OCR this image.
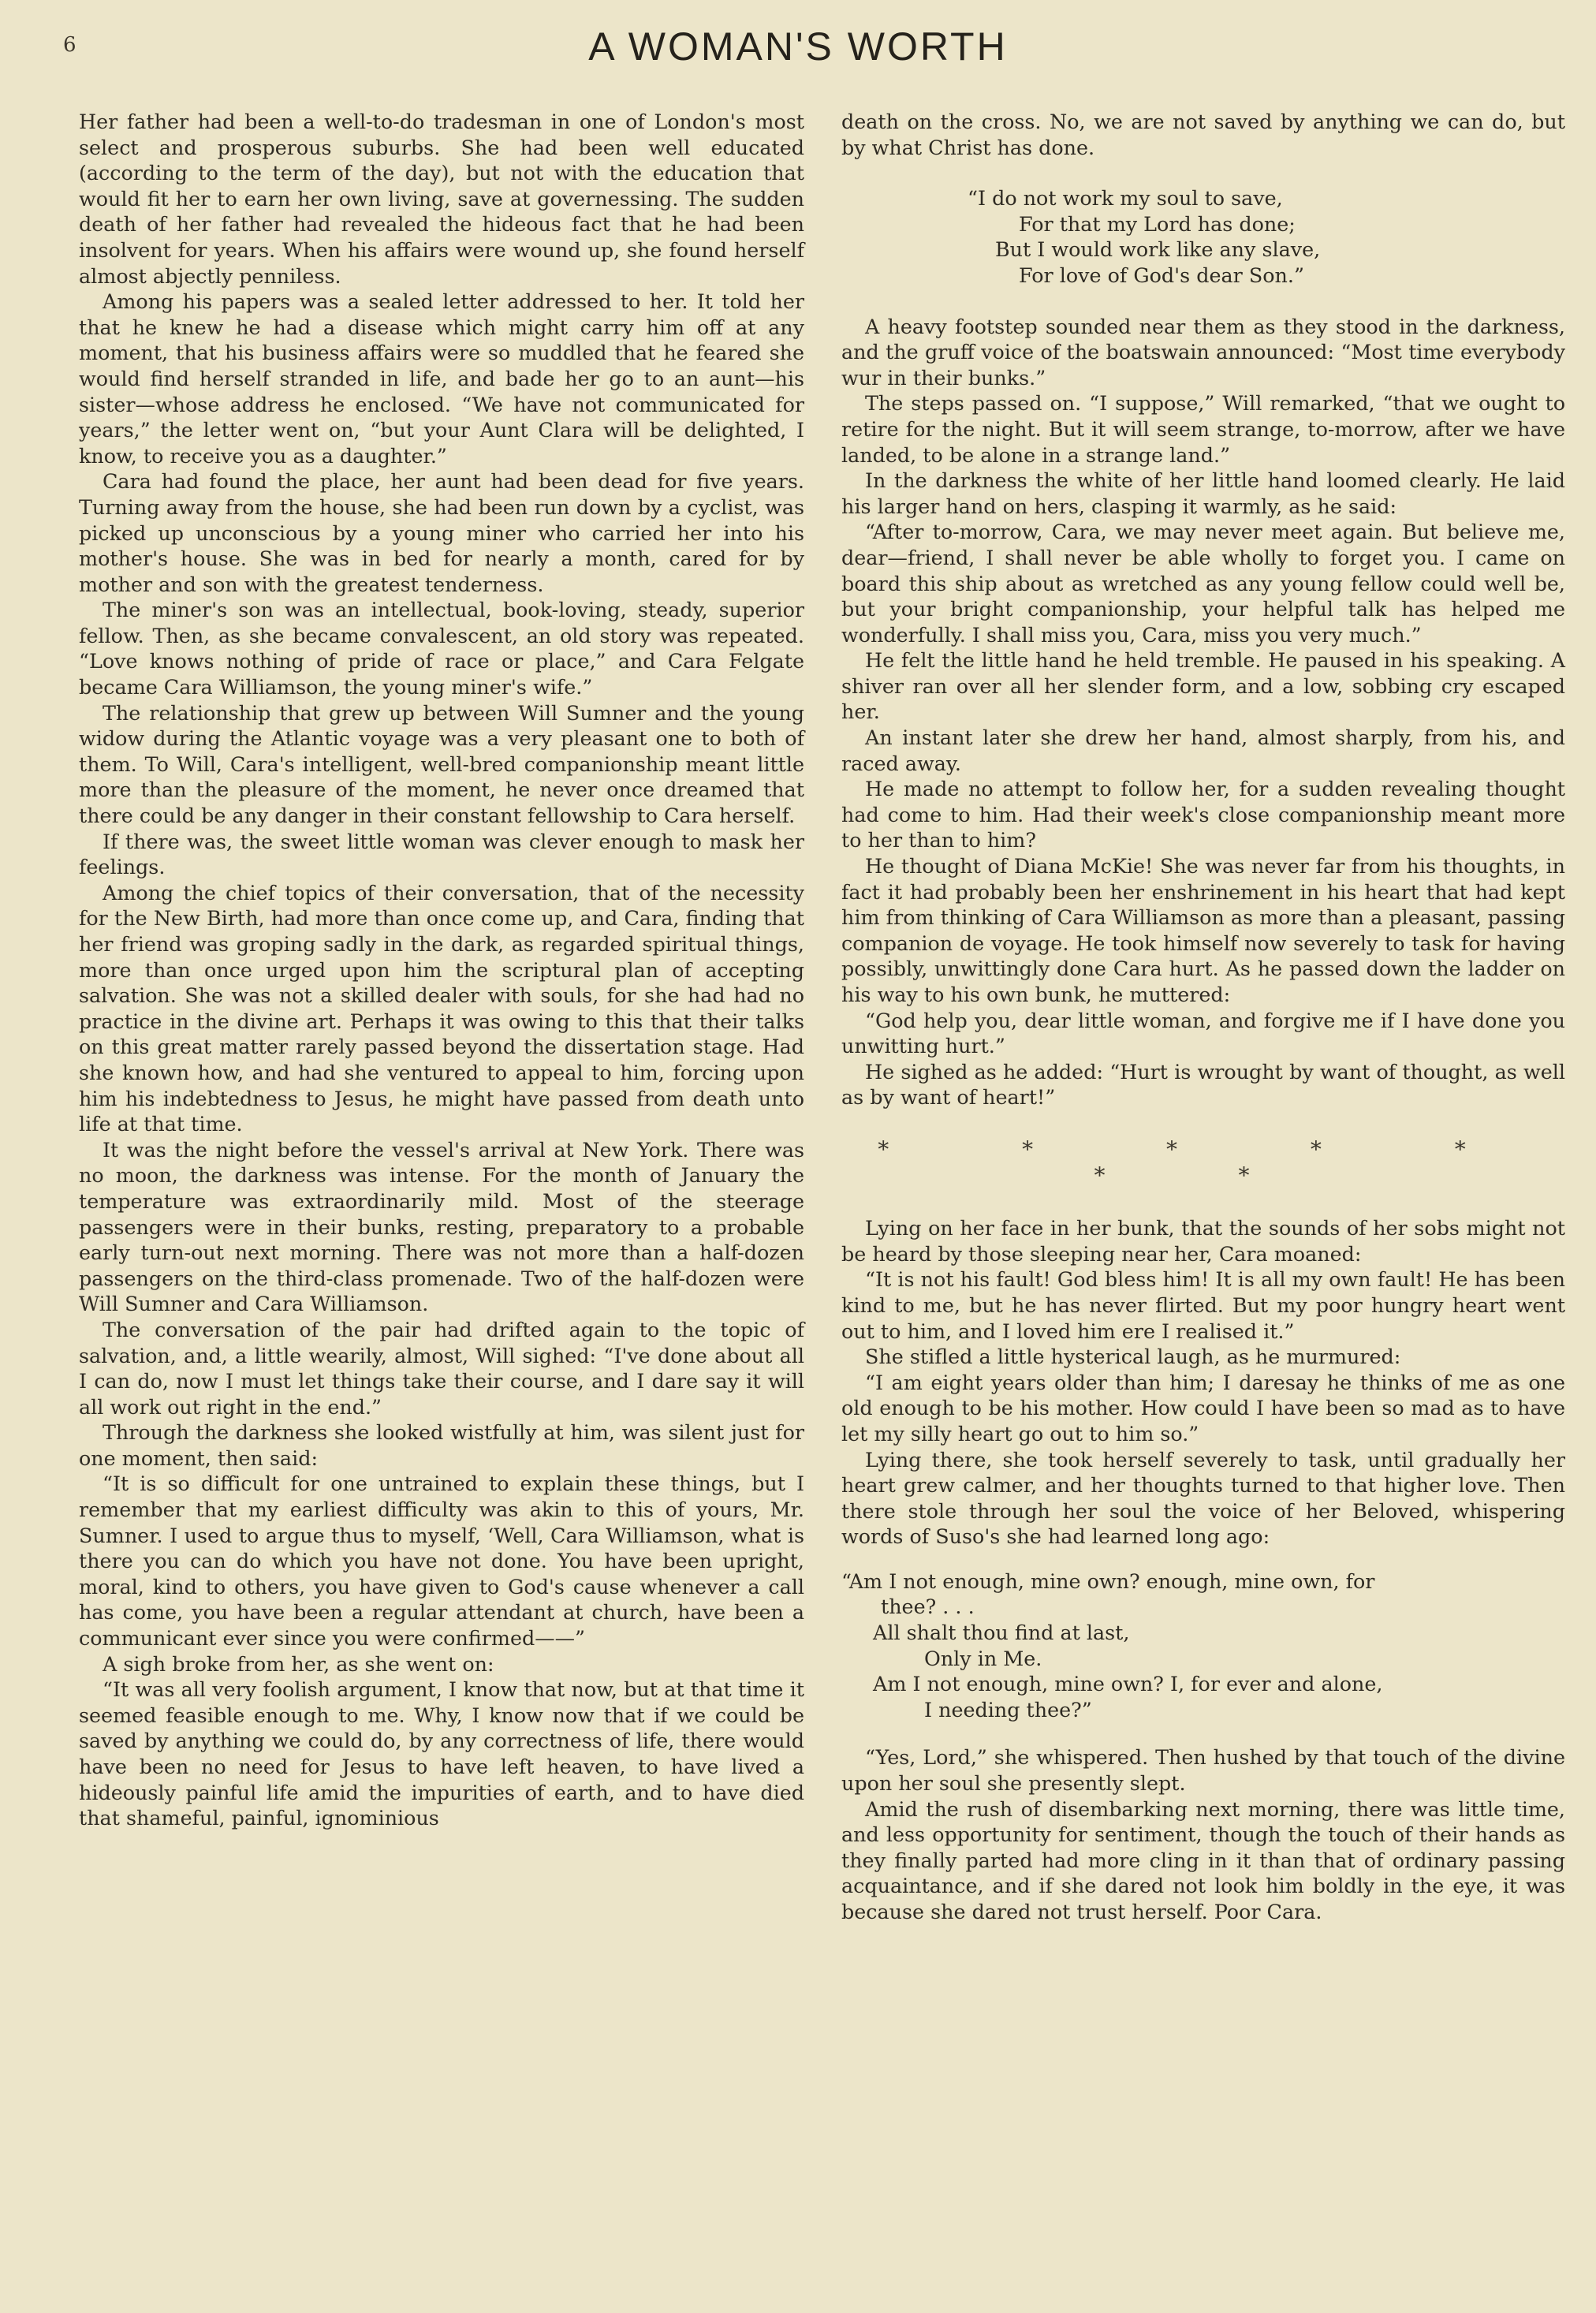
6	A WOMAN'S WORTH

Her father had been a well-to-do tradesman in one of London's most select and prosperous suburbs. She had been well educated (according to the term of the day), but not with the education that would fit her to earn her own living, save at governessing. The sudden death of her father had revealed the hideous fact that he had been insolvent for years. When his affairs were wound up, she found herself almost abjectly penniless.

Among his papers was a sealed letter addressed to her. It told her that he knew he had a disease which might carry him off at any moment, that his business affairs were so muddled that he feared she would find herself stranded in life, and bade her go to an aunt—his sister—whose address he enclosed. “We have not communicated for years,” the letter went on, “but your Aunt Clara will be delighted, I know, to receive you as a daughter.”

Cara had found the place, her aunt had been dead for five years. Turning away from the house, she had been run down by a cyclist, was picked up unconscious by a young miner who carried her into his mother's house. She was in bed for nearly a month, cared for by mother and son with the greatest tenderness.

The miner's son was an intellectual, book-loving, steady, superior fellow. Then, as she became convalescent, an old story was repeated. “Love knows nothing of pride of race or place,” and Cara Felgate became Cara Williamson, the young miner's wife.”

The relationship that grew up between Will Sumner and the young widow during the Atlantic voyage was a very pleasant one to both of them. To Will, Cara's intelligent, well-bred companionship meant little more than the pleasure of the moment, he never once dreamed that there could be any danger in their constant fellowship to Cara herself.

If there was, the sweet little woman was clever enough to mask her feelings.

Among the chief topics of their conversation, that of the necessity for the New Birth, had more than once come up, and Cara, finding that her friend was groping sadly in the dark, as regarded spiritual things, more than once urged upon him the scriptural plan of accepting salvation. She was not a skilled dealer with souls, for she had had no practice in the divine art. Perhaps it was owing to this that their talks on this great matter rarely passed beyond the dissertation stage. Had she known how, and had she ventured to appeal to him, forcing upon him his indebtedness to Jesus, he might have passed from death unto life at that time.

It was the night before the vessel's arrival at New York. There was no moon, the darkness was intense. For the month of January the temperature was extraordinarily mild. Most of the steerage passengers were in their bunks, resting, preparatory to a probable early turn-out next morning. There was not more than a half-dozen passengers on the third-class promenade. Two of the half-dozen were Will Sumner and Cara Williamson.

The conversation of the pair had drifted again to the topic of salvation, and, a little wearily, almost, Will sighed: “I've done about all I can do, now I must let things take their course, and I dare say it will all work out right in the end.”

Through the darkness she looked wistfully at him, was silent just for one moment, then said:

“It is so difficult for one untrained to explain these things, but I remember that my earliest difficulty was akin to this of yours, Mr. Sumner. I used to argue thus to myself, ‘Well, Cara Williamson, what is there you can do which you have not done. You have been upright, moral, kind to others, you have given to God's cause whenever a call has come, you have been a regular attendant at church, have been a communicant ever since you were confirmed——”

A sigh broke from her, as she went on:

“It was all very foolish argument, I know that now, but at that time it seemed feasible enough to me. Why, I know now that if we could be saved by anything we could do, by any correctness of life, there would have been no need for Jesus to have left heaven, to have lived a hideously painful life amid the impurities of earth, and to have died that shameful, painful, ignominious

death on the cross. No, we are not saved by anything we can do, but by what Christ has done.

“I do not work my soul to save,
For that my Lord has done;
But I would work like any slave,
For love of God's dear Son.”

A heavy footstep sounded near them as they stood in the darkness, and the gruff voice of the boatswain announced: “Most time everybody wur in their bunks.”

The steps passed on. “I suppose,” Will remarked, “that we ought to retire for the night. But it will seem strange, to-morrow, after we have landed, to be alone in a strange land.”

In the darkness the white of her little hand loomed clearly. He laid his larger hand on hers, clasping it warmly, as he said:

“After to-morrow, Cara, we may never meet again. But believe me, dear—friend, I shall never be able wholly to forget you. I came on board this ship about as wretched as any young fellow could well be, but your bright companionship, your helpful talk has helped me wonderfully. I shall miss you, Cara, miss you very much.”

He felt the little hand he held tremble. He paused in his speaking. A shiver ran over all her slender form, and a low, sobbing cry escaped her.

An instant later she drew her hand, almost sharply, from his, and raced away.

He made no attempt to follow her, for a sudden revealing thought had come to him. Had their week's close companionship meant more to her than to him?

He thought of Diana McKie! She was never far from his thoughts, in fact it had probably been her enshrinement in his heart that had kept him from thinking of Cara Williamson as more than a pleasant, passing companion de voyage. He took himself now severely to task for having possibly, unwittingly done Cara hurt. As he passed down the ladder on his way to his own bunk, he muttered:

“God help you, dear little woman, and forgive me if I have done you unwitting hurt.”

He sighed as he added: “Hurt is wrought by want of thought, as well as by want of heart!”

* * * * * * *

Lying on her face in her bunk, that the sounds of her sobs might not be heard by those sleeping near her, Cara moaned:

“It is not his fault! God bless him! It is all my own fault! He has been kind to me, but he has never flirted. But my poor hungry heart went out to him, and I loved him ere I realised it.”

She stifled a little hysterical laugh, as he murmured:

“I am eight years older than him; I daresay he thinks of me as one old enough to be his mother. How could I have been so mad as to have let my silly heart go out to him so.”

Lying there, she took herself severely to task, until gradually her heart grew calmer, and her thoughts turned to that higher love. Then there stole through her soul the voice of her Beloved, whispering words of Suso's she had learned long ago:

“Am I not enough, mine own? enough, mine own, for
thee? . . .
All shalt thou find at last,
Only in Me.
Am I not enough, mine own? I, for ever and alone,
I needing thee?”

“Yes, Lord,” she whispered. Then hushed by that touch of the divine upon her soul she presently slept.

Amid the rush of disembarking next morning, there was little time, and less opportunity for sentiment, though the touch of their hands as they finally parted had more cling in it than that of ordinary passing acquaintance, and if she dared not look him boldly in the eye, it was because she dared not trust herself. Poor Cara.
